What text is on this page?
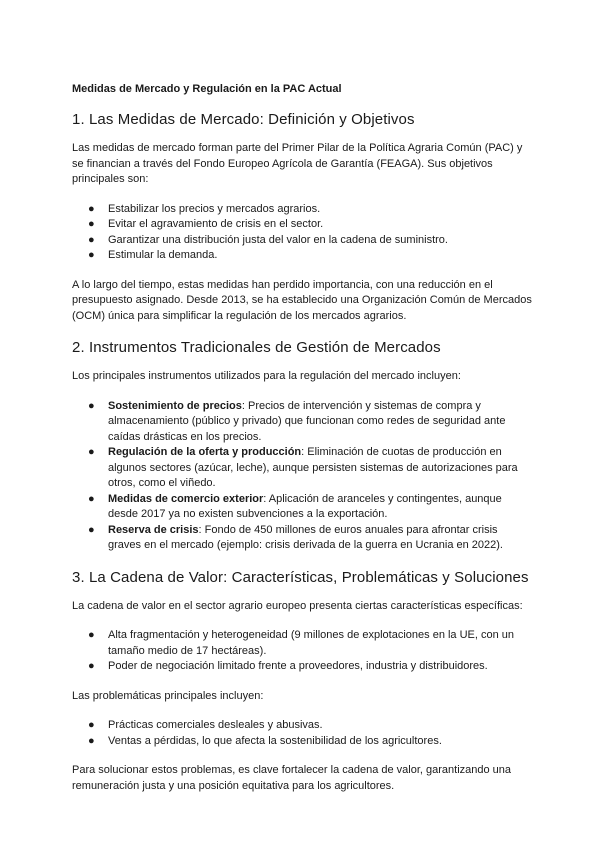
Medidas de Mercado y Regulación en la PAC Actual
1. Las Medidas de Mercado: Definición y Objetivos

Las medidas de mercado forman parte del Primer Pilar de la Política Agraria Común (PAC) y se financian a través del Fondo Europeo Agrícola de Garantía (FEAGA). Sus objetivos principales son:

● Estabilizar los precios y mercados agrarios.
● Evitar el agravamiento de crisis en el sector.
● Garantizar una distribución justa del valor en la cadena de suministro.
● Estimular la demanda.

A lo largo del tiempo, estas medidas han perdido importancia, con una reducción en el presupuesto asignado. Desde 2013, se ha establecido una Organización Común de Mercados (OCM) única para simplificar la regulación de los mercados agrarios.

2. Instrumentos Tradicionales de Gestión de Mercados

Los principales instrumentos utilizados para la regulación del mercado incluyen:

● Sostenimiento de precios: Precios de intervención y sistemas de compra y almacenamiento (público y privado) que funcionan como redes de seguridad ante caídas drásticas en los precios.
● Regulación de la oferta y producción: Eliminación de cuotas de producción en algunos sectores (azúcar, leche), aunque persisten sistemas de autorizaciones para otros, como el viñedo.
● Medidas de comercio exterior: Aplicación de aranceles y contingentes, aunque desde 2017 ya no existen subvenciones a la exportación.
● Reserva de crisis: Fondo de 450 millones de euros anuales para afrontar crisis graves en el mercado (ejemplo: crisis derivada de la guerra en Ucrania en 2022).
3. La Cadena de Valor: Características, Problemáticas y Soluciones

La cadena de valor en el sector agrario europeo presenta ciertas características específicas:

● Alta fragmentación y heterogeneidad (9 millones de explotaciones en la UE, con un tamaño medio de 17 hectáreas).
● Poder de negociación limitado frente a proveedores, industria y distribuidores.

Las problemáticas principales incluyen:

● Prácticas comerciales desleales y abusivas.
● Ventas a pérdidas, lo que afecta la sostenibilidad de los agricultores.

Para solucionar estos problemas, es clave fortalecer la cadena de valor, garantizando una remuneración justa y una posición equitativa para los agricultores.
